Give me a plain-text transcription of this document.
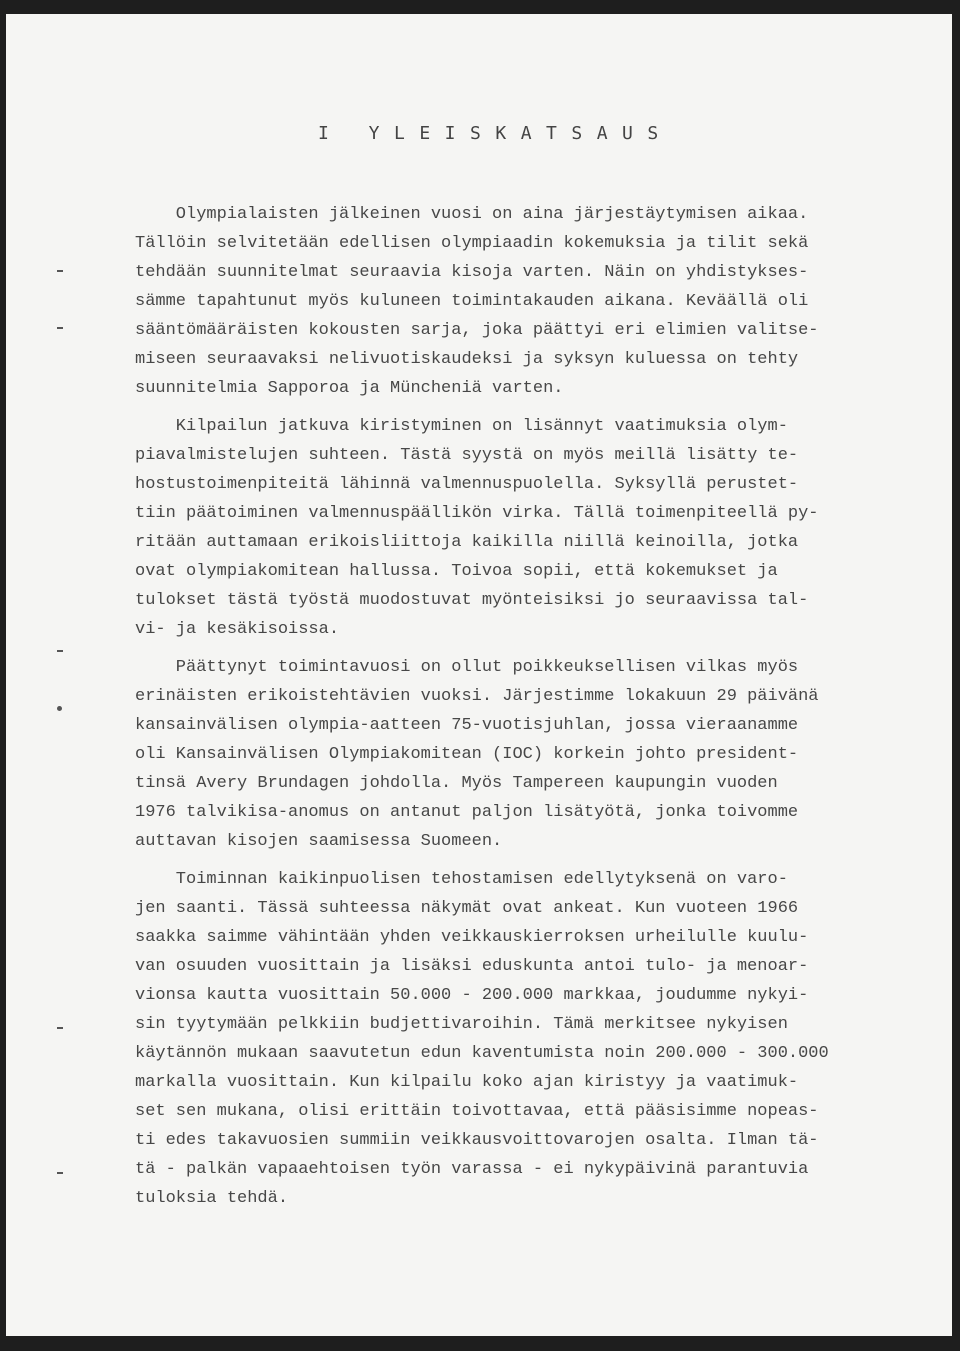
I YLEISKATSAUS
Olympialaisten jälkeinen vuosi on aina järjestäytymisen aikaa.
Tällöin selvitetään edellisen olympiaadin kokemuksia ja tilit sekä
tehdään suunnitelmat seuraavia kisoja varten. Näin on yhdistykses-
sämme tapahtunut myös kuluneen toimintakauden aikana. Keväällä oli
sääntömääräisten kokousten sarja, joka päättyi eri elimien valitse-
miseen seuraavaksi nelivuotiskaudeksi ja syksyn kuluessa on tehty
suunnitelmia Sapporoa ja Müncheniä varten.
Kilpailun jatkuva kiristyminen on lisännyt vaatimuksia olym-
piavalmistelujen suhteen. Tästä syystä on myös meillä lisätty te-
hostustoimenpiteitä lähinnä valmennuspuolella. Syksyllä perustet-
tiin päätoiminen valmennuspäällikön virka. Tällä toimenpiteellä py-
ritään auttamaan erikoisliittoja kaikilla niillä keinoilla, jotka
ovat olympiakomitean hallussa. Toivoa sopii, että kokemukset ja
tulokset tästä työstä muodostuvat myönteisiksi jo seuraavissa tal-
vi- ja kesäkisoissa.
Päättynyt toimintavuosi on ollut poikkeuksellisen vilkas myös
erinäisten erikoistehtävien vuoksi. Järjestimme lokakuun 29 päivänä
kansainvälisen olympia-aatteen 75-vuotisjuhlan, jossa vieraanamme
oli Kansainvälisen Olympiakomitean (IOC) korkein johto president-
tinsä Avery Brundagen johdolla. Myös Tampereen kaupungin vuoden
1976 talvikisa-anomus on antanut paljon lisätyötä, jonka toivomme
auttavan kisojen saamisessa Suomeen.
Toiminnan kaikinpuolisen tehostamisen edellytyksenä on varo-
jen saanti. Tässä suhteessa näkymät ovat ankeat. Kun vuoteen 1966
saakka saimme vähintään yhden veikkauskierroksen urheilulle kuulu-
van osuuden vuosittain ja lisäksi eduskunta antoi tulo- ja menoar-
vionsa kautta vuosittain 50.000 - 200.000 markkaa, joudumme nykyi-
sin tyytymään pelkkiin budjettivaroihin. Tämä merkitsee nykyisen
käytännön mukaan saavutetun edun kaventumista noin 200.000 - 300.000
markalla vuosittain. Kun kilpailu koko ajan kiristyy ja vaatimuk-
set sen mukana, olisi erittäin toivottavaa, että pääsisimme nopeas-
ti edes takavuosien summiin veikkausvoittovarojen osalta. Ilman tä-
tä - palkän vapaaehtoisen työn varassa - ei nykypäivinä parantuvia
tuloksia tehdä.
